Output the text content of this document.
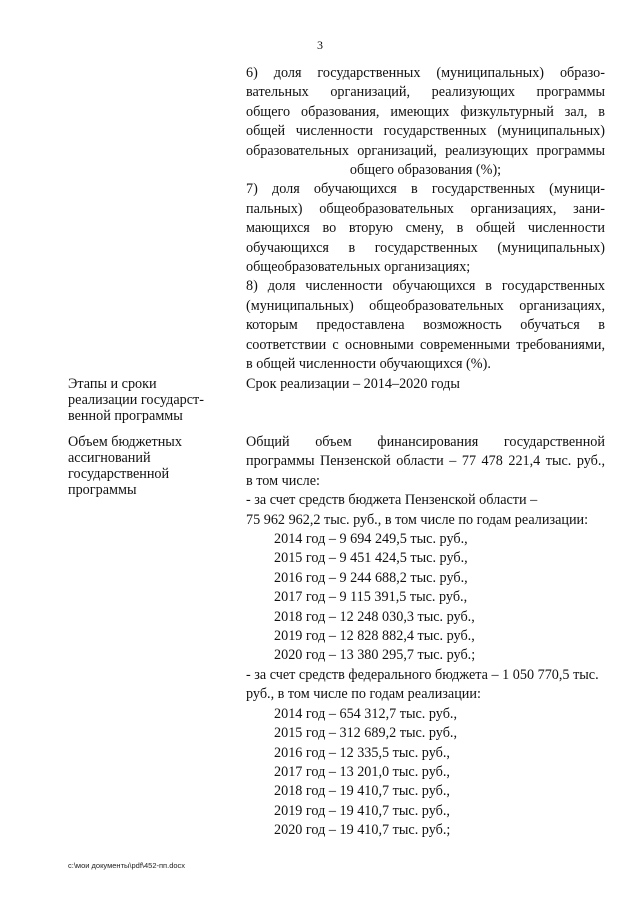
3

6) доля государственных (муниципальных) образо-
вательных организаций, реализующих программы
общего образования, имеющих физкультурный зал, в
общей численности государственных (муниципальных)
образовательных организаций, реализующих программы
общего образования (%);

7) доля обучающихся в государственных (муници-
пальных) общеобразовательных организациях, зани-
мающихся во вторую смену, в общей численности
обучающихся в государственных (муниципальных)
общеобразовательных организациях;

8) доля численности обучающихся в государственных
(муниципальных) общеобразовательных организациях,
которым предоставлена возможность обучаться в
соответствии с основными современными требованиями,
в общей численности обучающихся (%).

Этапы и сроки
реализации государст-
венной программы
Срок реализации – 2014–2020 годы
Объем бюджетных
ассигнований
государственной
программы
Общий объем финансирования государственной
программы Пензенской области – 77 478 221,4 тыс. руб.,
в том числе:
- за счет средств бюджета Пензенской области –
75 962 962,2 тыс. руб., в том числе по годам реализации:
2014 год – 9 694 249,5 тыс. руб.,
2015 год – 9 451 424,5 тыс. руб.,
2016 год – 9 244 688,2 тыс. руб.,
2017 год – 9 115 391,5 тыс. руб.,
2018 год – 12 248 030,3 тыс. руб.,
2019 год – 12 828 882,4 тыс. руб.,
2020 год – 13 380 295,7 тыс. руб.;
- за счет средств федерального бюджета – 1 050 770,5 тыс.
руб., в том числе по годам реализации:
2014 год – 654 312,7 тыс. руб.,
2015 год – 312 689,2 тыс. руб.,
2016 год – 12 335,5 тыс. руб.,
2017 год – 13 201,0 тыс. руб.,
2018 год – 19 410,7 тыс. руб.,
2019 год – 19 410,7 тыс. руб.,
2020 год – 19 410,7 тыс. руб.;
c:\мои документы\pdf\452-пп.docx
